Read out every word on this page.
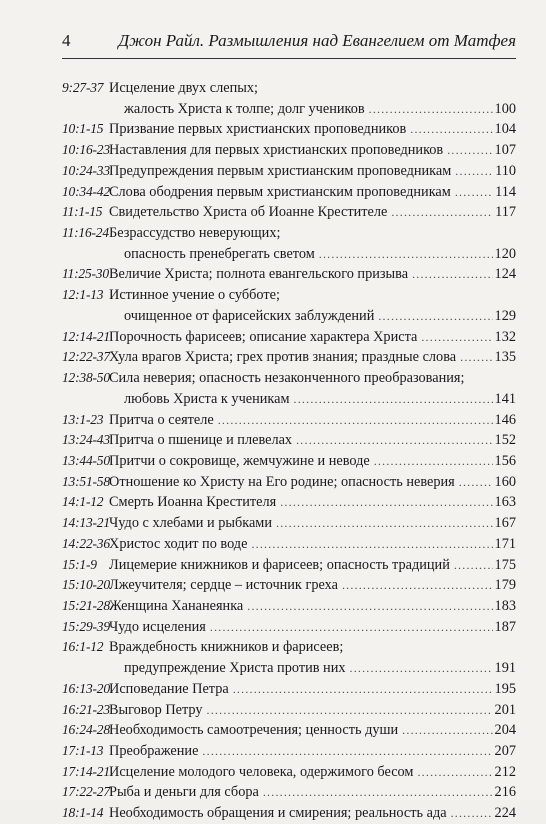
4	Джон Райл. Размышления над Евангелием от Матфея
9:27-37 Исцеление двух слепых;
жалость Христа к толпе; долг учеников .....	100
10:1-15 Призвание первых христианских проповедников .....	104
10:16-23 Наставления для первых христианских проповедников .....	107
10:24-33 Предупреждения первым христианским проповедникам .....	110
10:34-42 Слова ободрения первым христианским проповедникам .....	114
11:1-15 Свидетельство Христа об Иоанне Крестителе .....	117
11:16-24 Безрассудство неверующих;
опасность пренебрегать светом .....	120
11:25-30 Величие Христа; полнота евангельского призыва .....	124
12:1-13 Истинное учение о субботе;
очищенное от фарисейских заблуждений .....	129
12:14-21 Порочность фарисеев; описание характера Христа .....	132
12:22-37 Хула врагов Христа; грех против знания; праздные слова .....	135
12:38-50 Сила неверия; опасность незаконченного преобразования;
любовь Христа к ученикам .....	141
13:1-23 Притча о сеятеле .....	146
13:24-43 Притча о пшенице и плевелах .....	152
13:44-50 Притчи о сокровище, жемчужине и неводе .....	156
13:51-58 Отношение ко Христу на Его родине; опасность неверия .....	160
14:1-12 Смерть Иоанна Крестителя .....	163
14:13-21 Чудо с хлебами и рыбками .....	167
14:22-36 Христос ходит по воде .....	171
15:1-9 Лицемерие книжников и фарисеев; опасность традиций .....	175
15:10-20 Лжеучителя; сердце – источник греха .....	179
15:21-28 Женщина Хананеянка .....	183
15:29-39 Чудо исцеления .....	187
16:1-12 Враждебность книжников и фарисеев;
предупреждение Христа против них .....	191
16:13-20 Исповедание Петра .....	195
16:21-23 Выговор Петру .....	201
16:24-28 Необходимость самоотречения; ценность души .....	204
17:1-13 Преображение .....	207
17:14-21 Исцеление молодого человека, одержимого бесом .....	212
17:22-27 Рыба и деньги для сбора .....	216
18:1-14 Необходимость обращения и смирения; реальность ада .....	224
